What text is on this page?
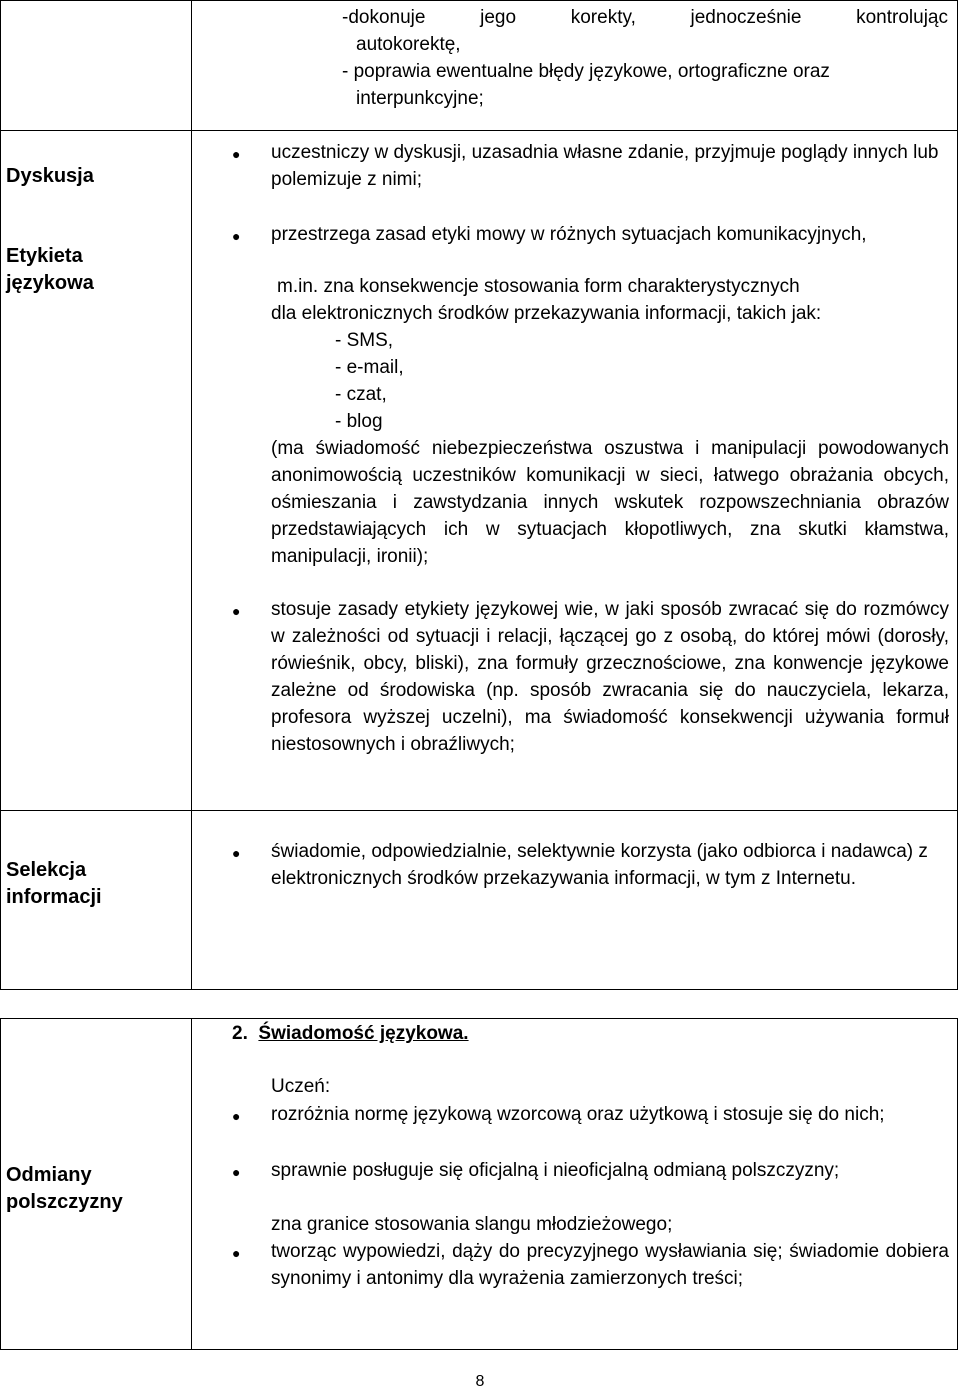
-dokonuje jego korekty, jednocześnie kontrolując
autokorektę,
- poprawia ewentualne błędy językowe, ortograficzne oraz
interpunkcyjne;
Dyskusja
Etykieta
językowa
Selekcja
informacji
● uczestniczy w dyskusji, uzasadnia własne zdanie, przyjmuje poglądy innych lub polemizuje z nimi;
● przestrzega zasad etyki mowy w różnych sytuacjach komunikacyjnych,
m.in. zna konsekwencje stosowania form charakterystycznych
dla elektronicznych środków przekazywania informacji, takich jak:
- SMS,
- e-mail,
- czat,
- blog
(ma świadomość niebezpieczeństwa oszustwa i manipulacji powodowanych anonimowością uczestników komunikacji w sieci, łatwego obrażania obcych, ośmieszania i zawstydzania innych wskutek rozpowszechniania obrazów przedstawiających ich w sytuacjach kłopotliwych, zna skutki kłamstwa, manipulacji, ironii);
● stosuje zasady etykiety językowej wie, w jaki sposób zwracać się do rozmówcy w zależności od sytuacji i relacji, łączącej go z osobą, do której mówi (dorosły, rówieśnik, obcy, bliski), zna formuły grzecznościowe, zna konwencje językowe zależne od środowiska (np. sposób zwracania się do nauczyciela, lekarza, profesora wyższej uczelni), ma świadomość konsekwencji używania formuł niestosownych i obraźliwych;
● świadomie, odpowiedzialnie, selektywnie korzysta (jako odbiorca i nadawca) z elektronicznych środków przekazywania informacji, w tym z Internetu.
2. Świadomość językowa.
Odmiany
polszczyzny
Uczeń:
● rozróżnia normę językową wzorcową oraz użytkową i stosuje się do nich;
● sprawnie posługuje się oficjalną i nieoficjalną odmianą polszczyzny;
zna granice stosowania slangu młodzieżowego;
● tworząc wypowiedzi, dąży do precyzyjnego wysławiania się; świadomie dobiera synonimy i antonimy dla wyrażenia zamierzonych treści;
8
